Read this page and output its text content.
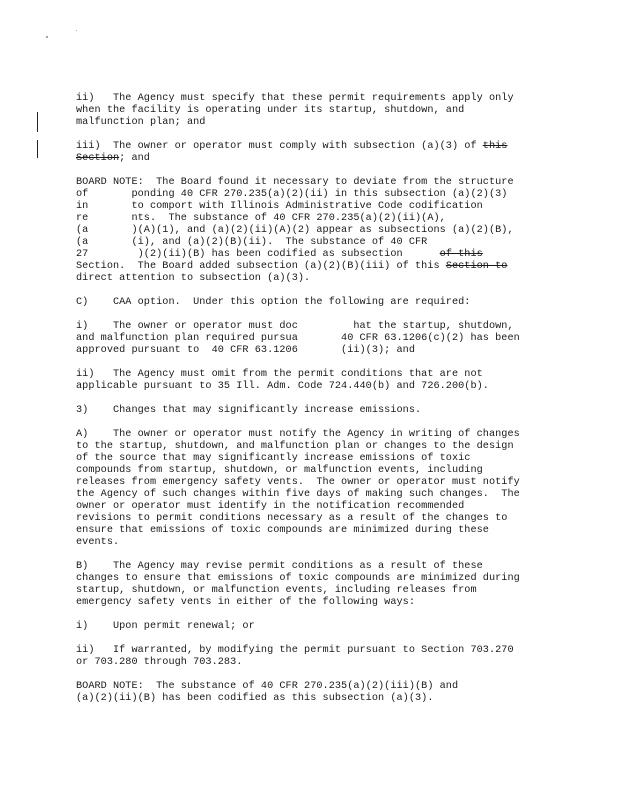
ii)   The Agency must specify that these permit requirements apply only
when the facility is operating under its startup, shutdown, and
malfunction plan; and
iii)  The owner or operator must comply with subsection (a)(3) of this
Section; and
BOARD NOTE:  The Board found it necessary to deviate from the structure
of       ponding 40 CFR 270.235(a)(2)(ii) in this subsection (a)(2)(3)
in       to comport with Illinois Administrative Code codification
re       nts.  The substance of 40 CFR 270.235(a)(2)(ii)(A),
(a       )(A)(1), and (a)(2)(ii)(A)(2) appear as subsections (a)(2)(B),
(a       (i), and (a)(2)(B)(ii).  The substance of 40 CFR
27        )(2)(ii)(B) has been codified as subsection      of this
Section.  The Board added subsection (a)(2)(B)(iii) of this Section to
direct attention to subsection (a)(3).
C)    CAA option.  Under this option the following are required:
i)    The owner or operator must doc         hat the startup, shutdown,
and malfunction plan required pursua       40 CFR 63.1206(c)(2) has been
approved pursuant to  40 CFR 63.1206       (ii)(3); and
ii)   The Agency must omit from the permit conditions that are not
applicable pursuant to 35 Ill. Adm. Code 724.440(b) and 726.200(b).
3)    Changes that may significantly increase emissions.
A)    The owner or operator must notify the Agency in writing of changes
to the startup, shutdown, and malfunction plan or changes to the design
of the source that may significantly increase emissions of toxic
compounds from startup, shutdown, or malfunction events, including
releases from emergency safety vents.  The owner or operator must notify
the Agency of such changes within five days of making such changes.  The
owner or operator must identify in the notification recommended
revisions to permit conditions necessary as a result of the changes to
ensure that emissions of toxic compounds are minimized during these
events.
B)    The Agency may revise permit conditions as a result of these
changes to ensure that emissions of toxic compounds are minimized during
startup, shutdown, or malfunction events, including releases from
emergency safety vents in either of the following ways:
i)    Upon permit renewal; or
ii)   If warranted, by modifying the permit pursuant to Section 703.270
or 703.280 through 703.283.
BOARD NOTE:  The substance of 40 CFR 270.235(a)(2)(iii)(B) and
(a)(2)(ii)(B) has been codified as this subsection (a)(3).
